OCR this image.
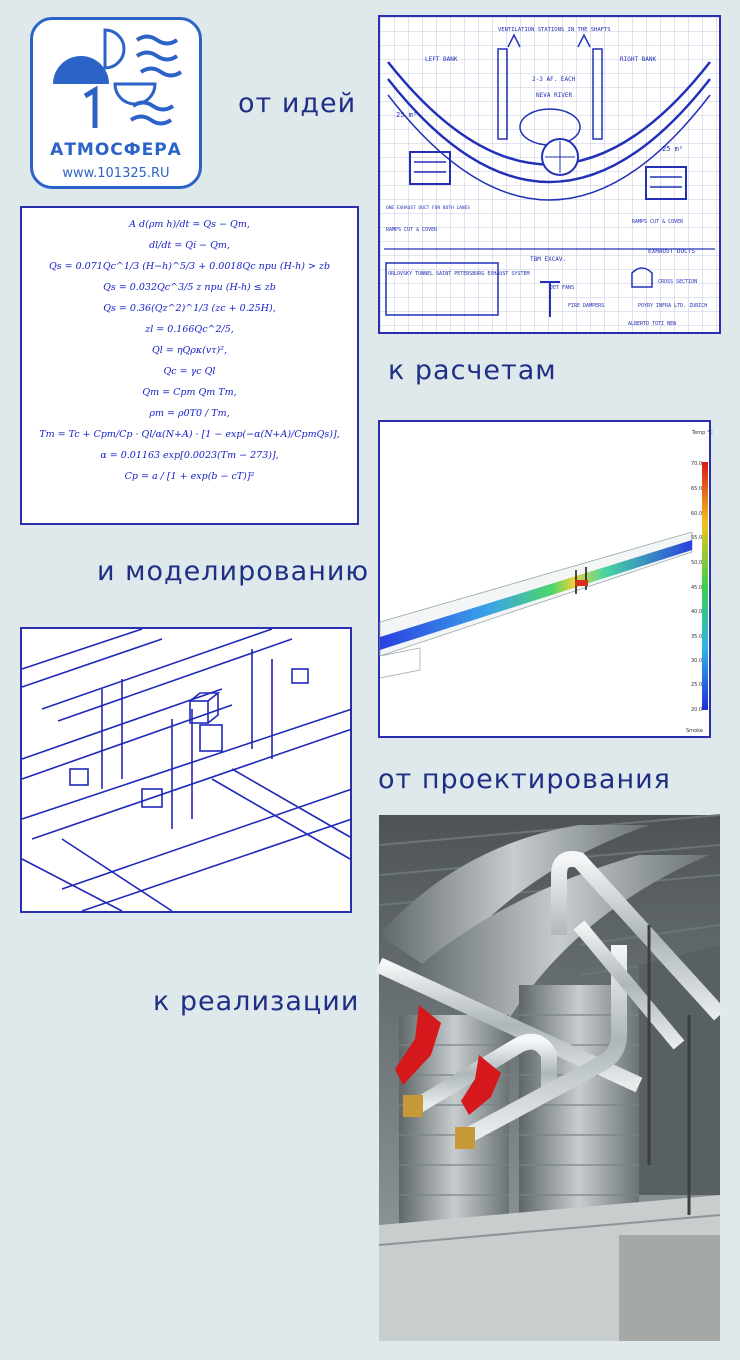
АТМОСФЕРА
www.101325.RU
от идей
к расчетам
и моделированию
от проектирования
к реализации
LEFT BANK	RIGHT BANK
VENTILATION STATIONS IN THE SHAFTS
2-3 AF. EACH
NEVA RIVER
25 m²
25 m²
ONE EXHAUST DUCT FOR BOTH LANES
RAMPS CUT & COVER
RAMPS CUT & COVER
TBM EXCAV.
EXHAUST DUCTS
CROSS SECTION
ORLOVSKY TUNNEL SAINT PETERSBURG EXHAUST SYSTEM
JET FANS
FIRE DAMPERS	POYRY INFRA LTD. ZURICH
ALBERTO TOTI NEW
A d(ρm h)/dt = Qs − Qm,
dl/dt = Qi − Qm,
Qs = 0.071Qc^1/3 (H−h)^5/3 + 0.0018Qc при (H-h) > zb
Qs = 0.032Qc^3/5 z при (H-h) ≤ zb
Qs = 0.36(Qz^2)^1/3 (zc + 0.25H),
zl = 0.166Qc^2/5,
Ql = ηQρκ(vτ)²,
Qc = γc Ql
Qm = Cpm Qm Tm,
ρm = ρ0T0 / Tm,
Tm = Tc + Cpm/Cp · Ql/α(N+A) · [1 − exp(−α(N+A)/CpmQs)],
α = 0.01163 exp[0.0023(Tm − 273)],
Cp = a / [1 + exp(b − cT)]²
Temp °C
70.0
65.0
60.0
55.0
50.0
45.0
40.0
35.0
30.0
25.0
20.0
Smoke
